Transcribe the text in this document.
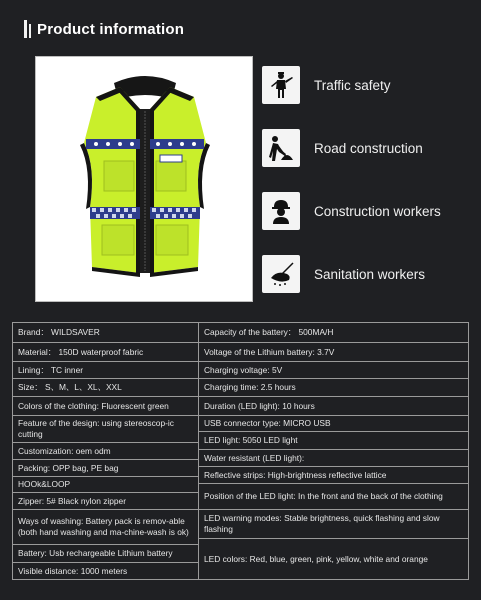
Product information
Traffic safety
Road construction
Construction workers
Sanitation workers
Brand： WILDSAVER
Material： 150D waterproof fabric
Lining： TC inner
Size： S、M、L、XL、XXL
Colors of the clothing: Fluorescent green
Feature of the design: using stereoscop-ic cutting
Customization: oem odm
Packing: OPP bag, PE bag
HOOk&LOOP
Zipper: 5# Black nylon zipper
Ways of washing: Battery pack is remov-able (both hand washing and ma-chine-wash is ok)
Battery: Usb rechargeable Lithium battery
Visible distance: 1000 meters
Capacity of the battery： 500MA/H
Voltage of the Lithium battery: 3.7V
Charging voltage: 5V
Charging time: 2.5 hours
Duration (LED light): 10 hours
USB connector type: MICRO USB
LED light: 5050 LED light
Water resistant (LED light):
Reflective strips: High-brightness reflective lattice
Position of the LED light: In the front and the back of the clothing
LED warning modes: Stable brightness, quick flashing and slow flashing
LED colors: Red, blue, green, pink, yellow, white and orange
